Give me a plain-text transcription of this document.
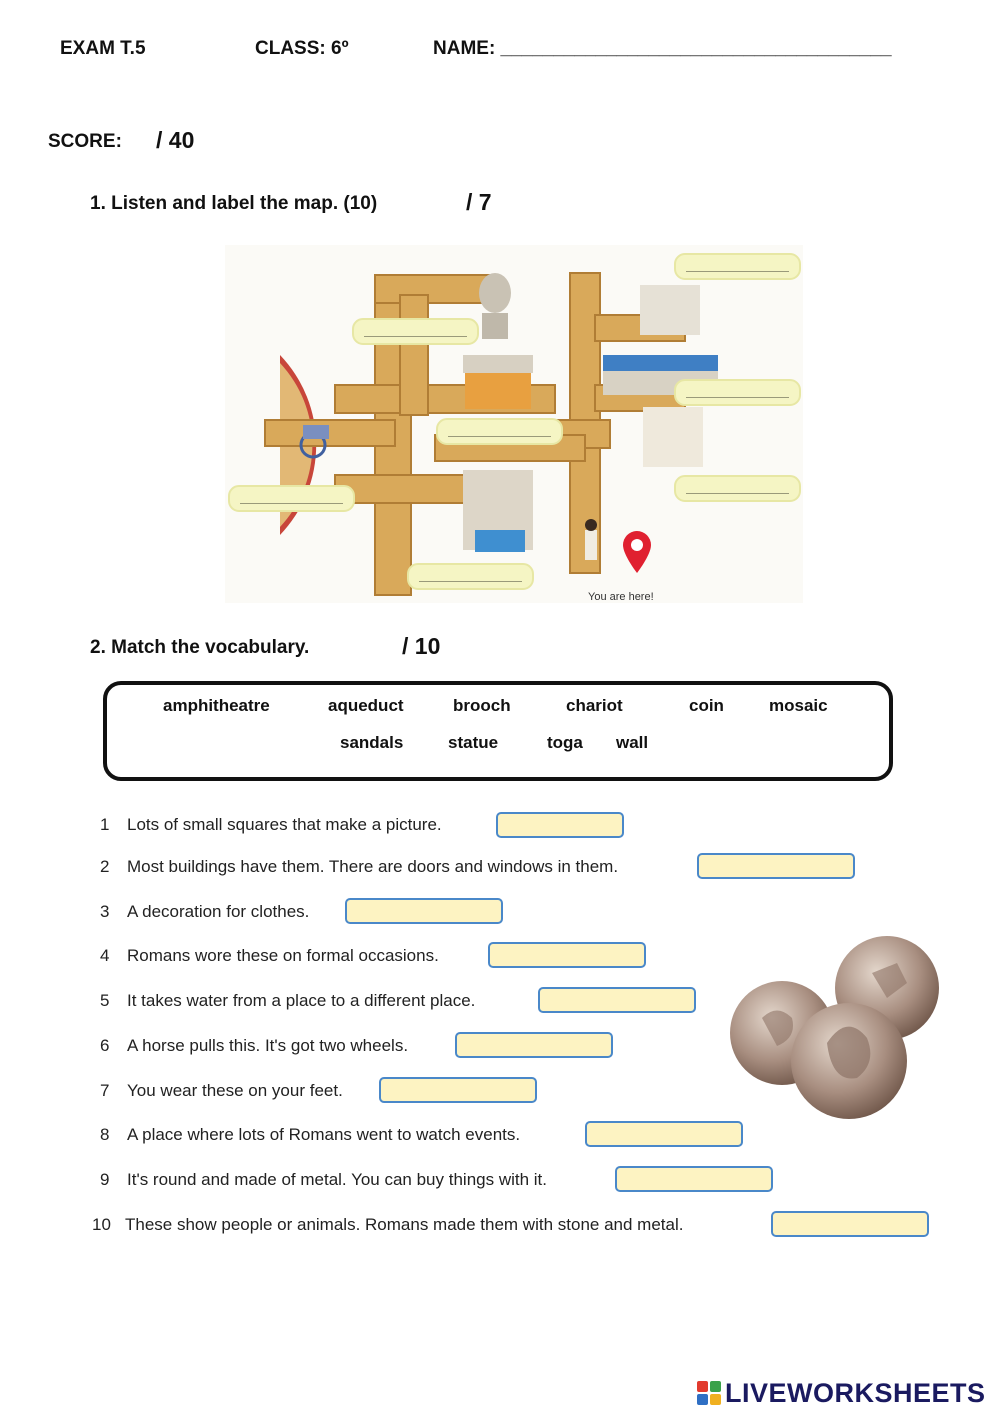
EXAM T.5	CLASS: 6º	NAME: _____________________________________
SCORE: / 40
1. Listen and label the map. (10)	/ 7
You are here!
2. Match the vocabulary.	/ 10
amphitheatre	aqueduct	brooch	chariot	coin	mosaic
sandals	statue	toga wall
1 Lots of small squares that make a picture.
2 Most buildings have them. There are doors and windows in them.
3 A decoration for clothes.
4 Romans wore these on formal occasions.
5 It takes water from a place to a different place.
6 A horse pulls this. It's got two wheels.
7 You wear these on your feet.
8 A place where lots of Romans went to watch events.
9 It's round and made of metal. You can buy things with it.
10 These show people or animals. Romans made them with stone and metal.
LIVEWORKSHEETS
